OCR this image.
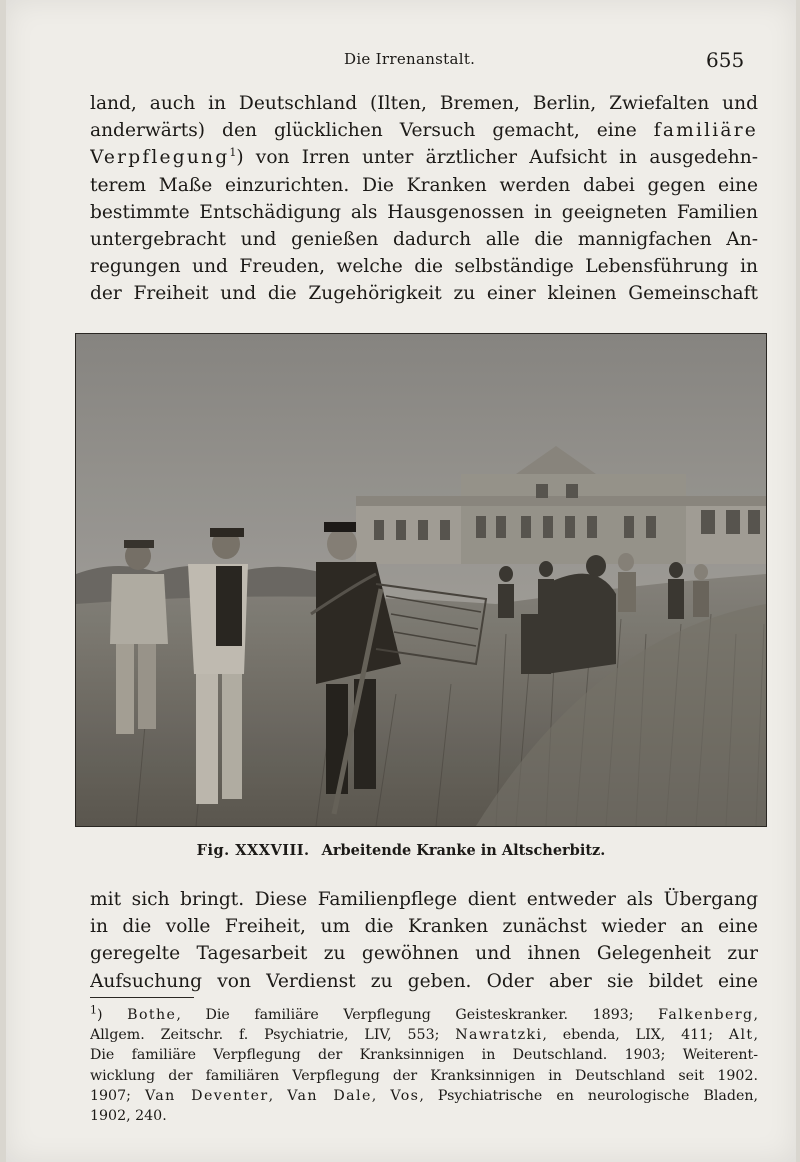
Die Irrenanstalt.	655
land, auch in Deutschland (Ilten, Bremen, Berlin, Zwiefalten und
anderwärts) den glücklichen Versuch gemacht, eine familiäre
Verpflegung$^1$) von Irren unter ärztlicher Aufsicht in ausgedehn-
terem Maße einzurichten. Die Kranken werden dabei gegen eine
bestimmte Entschädigung als Hausgenossen in geeigneten Familien
untergebracht und genießen dadurch alle die mannigfachen An-
regungen und Freuden, welche die selbständige Lebensführung in
der Freiheit und die Zugehörigkeit zu einer kleinen Gemeinschaft
Fig. XXXVIII. Arbeitende Kranke in Altscherbitz.
mit sich bringt. Diese Familienpflege dient entweder als Übergang
in die volle Freiheit, um die Kranken zunächst wieder an eine
geregelte Tagesarbeit zu gewöhnen und ihnen Gelegenheit zur
Aufsuchung von Verdienst zu geben. Oder aber sie bildet eine
$^1$) Bothe, Die familiäre Verpflegung Geisteskranker. 1893; Falkenberg,
Allgem. Zeitschr. f. Psychiatrie, LIV, 553; Nawratzki, ebenda, LIX, 411; Alt,
Die familiäre Verpflegung der Kranksinnigen in Deutschland. 1903; Weiterent-
wicklung der familiären Verpflegung der Kranksinnigen in Deutschland seit 1902.
1907; Van Deventer, Van Dale, Vos, Psychiatrische en neurologische Bladen,
1902, 240.
